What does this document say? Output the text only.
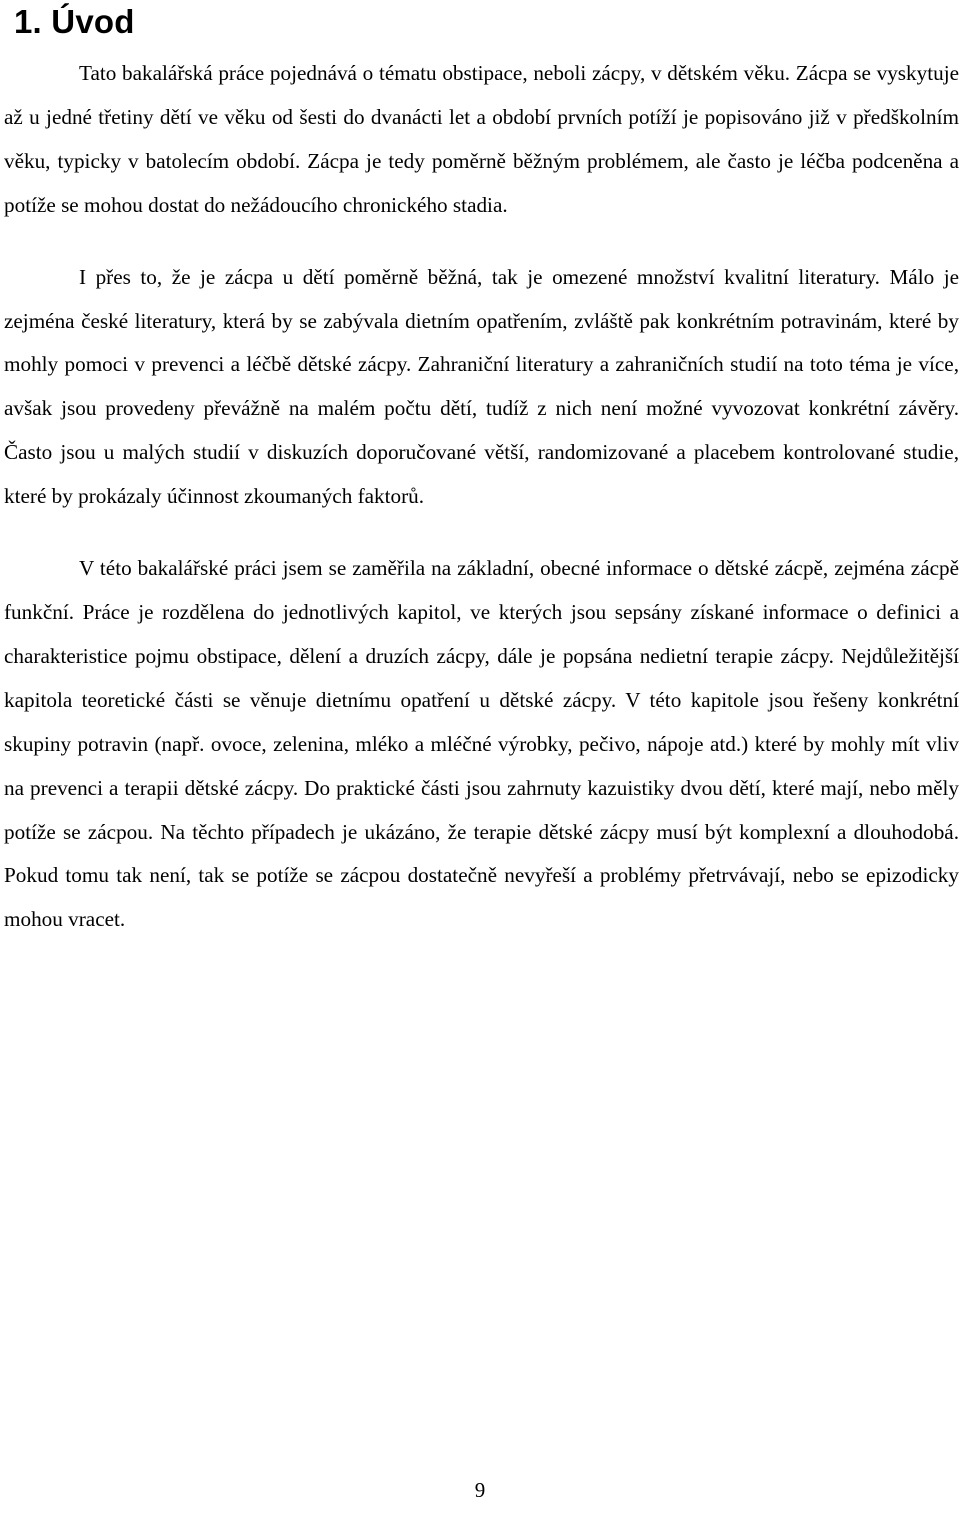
1. Úvod

Tato bakalářská práce pojednává o tématu obstipace, neboli zácpy, v dětském věku. Zácpa se vyskytuje až u jedné třetiny dětí ve věku od šesti do dvanácti let a období prvních potíží je popisováno již v předškolním věku, typicky v batolecím období. Zácpa je tedy poměrně běžným problémem, ale často je léčba podceněna a potíže se mohou dostat do nežádoucího chronického stadia.

I přes to, že je zácpa u dětí poměrně běžná, tak je omezené množství kvalitní literatury. Málo je zejména české literatury, která by se zabývala dietním opatřením, zvláště pak konkrétním potravinám, které by mohly pomoci v prevenci a léčbě dětské zácpy. Zahraniční literatury a zahraničních studií na toto téma je více, avšak jsou provedeny převážně na malém počtu dětí, tudíž z nich není možné vyvozovat konkrétní závěry. Často jsou u malých studií v diskuzích doporučované větší, randomizované a placebem kontrolované studie, které by prokázaly účinnost zkoumaných faktorů.

V této bakalářské práci jsem se zaměřila na základní, obecné informace o dětské zácpě, zejména zácpě funkční. Práce je rozdělena do jednotlivých kapitol, ve kterých jsou sepsány získané informace o definici a charakteristice pojmu obstipace, dělení a druzích zácpy, dále je popsána nedietní terapie zácpy. Nejdůležitější kapitola teoretické části se věnuje dietnímu opatření u dětské zácpy. V této kapitole jsou řešeny konkrétní skupiny potravin (např. ovoce, zelenina, mléko a mléčné výrobky, pečivo, nápoje atd.) které by mohly mít vliv na prevenci a terapii dětské zácpy. Do praktické části jsou zahrnuty kazuistiky dvou dětí, které mají, nebo měly potíže se zácpou. Na těchto případech je ukázáno, že terapie dětské zácpy musí být komplexní a dlouhodobá. Pokud tomu tak není, tak se potíže se zácpou dostatečně nevyřeší a problémy přetrvávají, nebo se epizodicky mohou vracet.

9
